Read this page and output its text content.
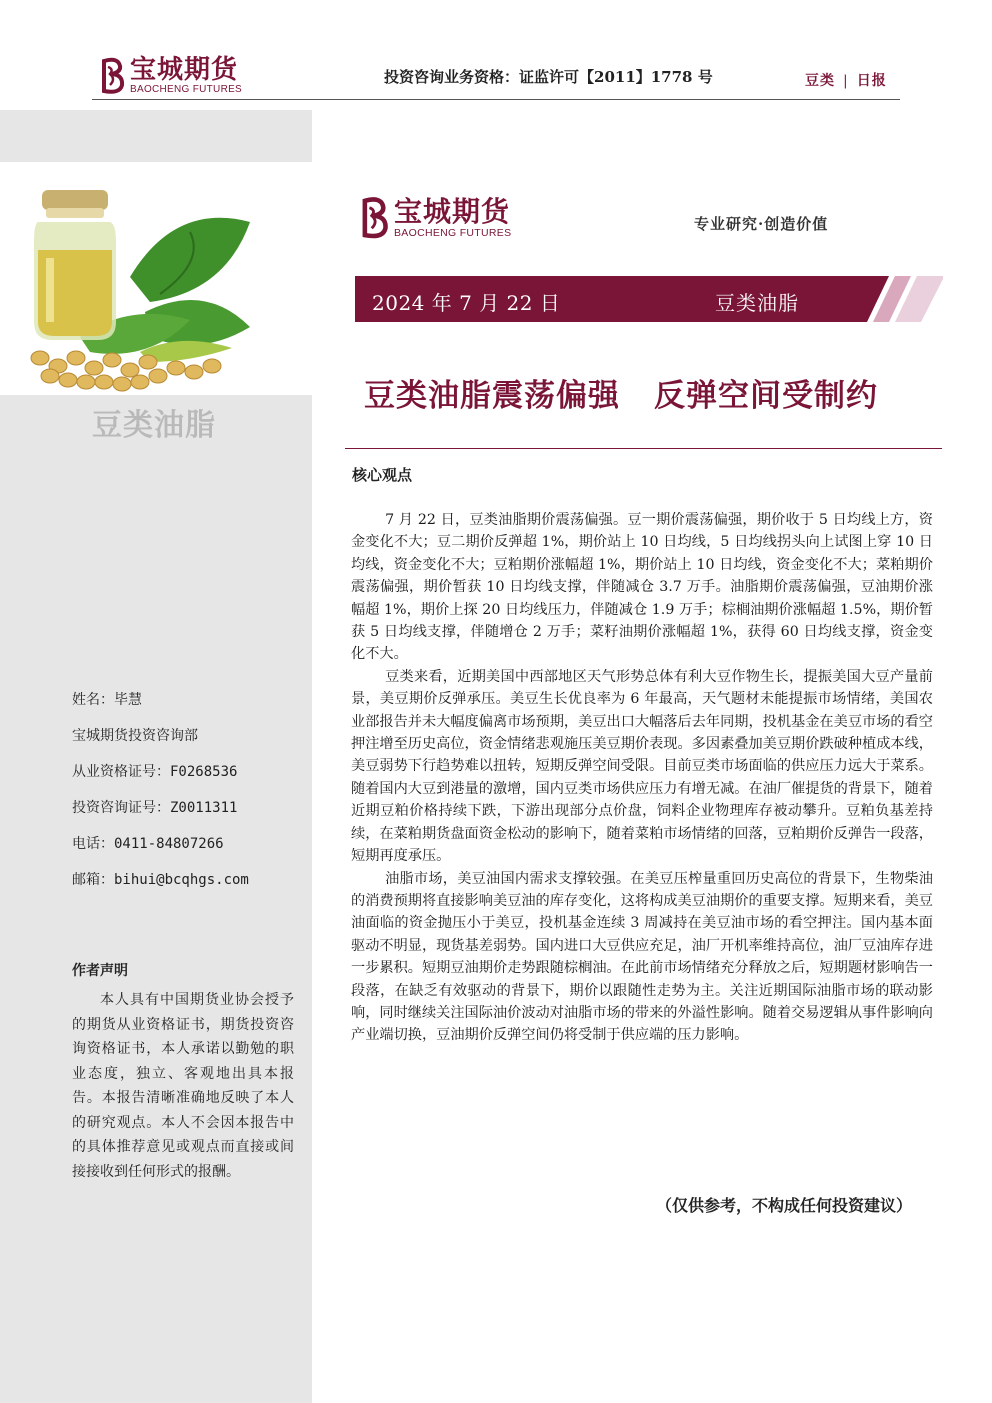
宝城期货
BAOCHENG FUTURES
投资咨询业务资格：证监许可【2011】1778 号	豆类 | 日报
豆类油脂
姓名：毕慧
宝城期货投资咨询部
从业资格证号：F0268536
投资咨询证号：Z0011311
电话：0411-84807266
邮箱：bihui@bcqhgs.com
作者声明
本人具有中国期货业协会授予的期货从业资格证书，期货投资咨询资格证书，本人承诺以勤勉的职业态度，独立、客观地出具本报告。本报告清晰准确地反映了本人的研究观点。本人不会因本报告中的具体推荐意见或观点而直接或间接接收到任何形式的报酬。
宝城期货
BAOCHENG FUTURES	专业研究·创造价值
2024 年 7 月 22 日	豆类油脂
豆类油脂震荡偏强 反弹空间受制约
核心观点

7 月 22 日，豆类油脂期价震荡偏强。豆一期价震荡偏强，期价收于 5 日均线上方，资金变化不大；豆二期价反弹超 1%，期价站上 10 日均线，5 日均线拐头向上试图上穿 10 日均线，资金变化不大；豆粕期价涨幅超 1%，期价站上 10 日均线，资金变化不大；菜粕期价震荡偏强，期价暂获 10 日均线支撑，伴随减仓 3.7 万手。油脂期价震荡偏强，豆油期价涨幅超 1%，期价上探 20 日均线压力，伴随减仓 1.9 万手；棕榈油期价涨幅超 1.5%，期价暂获 5 日均线支撑，伴随增仓 2 万手；菜籽油期价涨幅超 1%，获得 60 日均线支撑，资金变化不大。

豆类来看，近期美国中西部地区天气形势总体有利大豆作物生长，提振美国大豆产量前景，美豆期价反弹承压。美豆生长优良率为 6 年最高，天气题材未能提振市场情绪，美国农业部报告并未大幅度偏离市场预期，美豆出口大幅落后去年同期，投机基金在美豆市场的看空押注增至历史高位，资金情绪悲观施压美豆期价表现。多因素叠加美豆期价跌破种植成本线，美豆弱势下行趋势难以扭转，短期反弹空间受限。目前豆类市场面临的供应压力远大于菜系。随着国内大豆到港量的激增，国内豆类市场供应压力有增无减。在油厂催提货的背景下，随着近期豆粕价格持续下跌，下游出现部分点价盘，饲料企业物理库存被动攀升。豆粕负基差持续，在菜粕期货盘面资金松动的影响下，随着菜粕市场情绪的回落，豆粕期价反弹告一段落，短期再度承压。

油脂市场，美豆油国内需求支撑较强。在美豆压榨量重回历史高位的背景下，生物柴油的消费预期将直接影响美豆油的库存变化，这将构成美豆油期价的重要支撑。短期来看，美豆油面临的资金抛压小于美豆，投机基金连续 3 周减持在美豆油市场的看空押注。国内基本面驱动不明显，现货基差弱势。国内进口大豆供应充足，油厂开机率维持高位，油厂豆油库存进一步累积。短期豆油期价走势跟随棕榈油。在此前市场情绪充分释放之后，短期题材影响告一段落，在缺乏有效驱动的背景下，期价以跟随性走势为主。关注近期国际油脂市场的联动影响，同时继续关注国际油价波动对油脂市场的带来的外溢性影响。随着交易逻辑从事件影响向产业端切换，豆油期价反弹空间仍将受制于供应端的压力影响。

（仅供参考，不构成任何投资建议）
